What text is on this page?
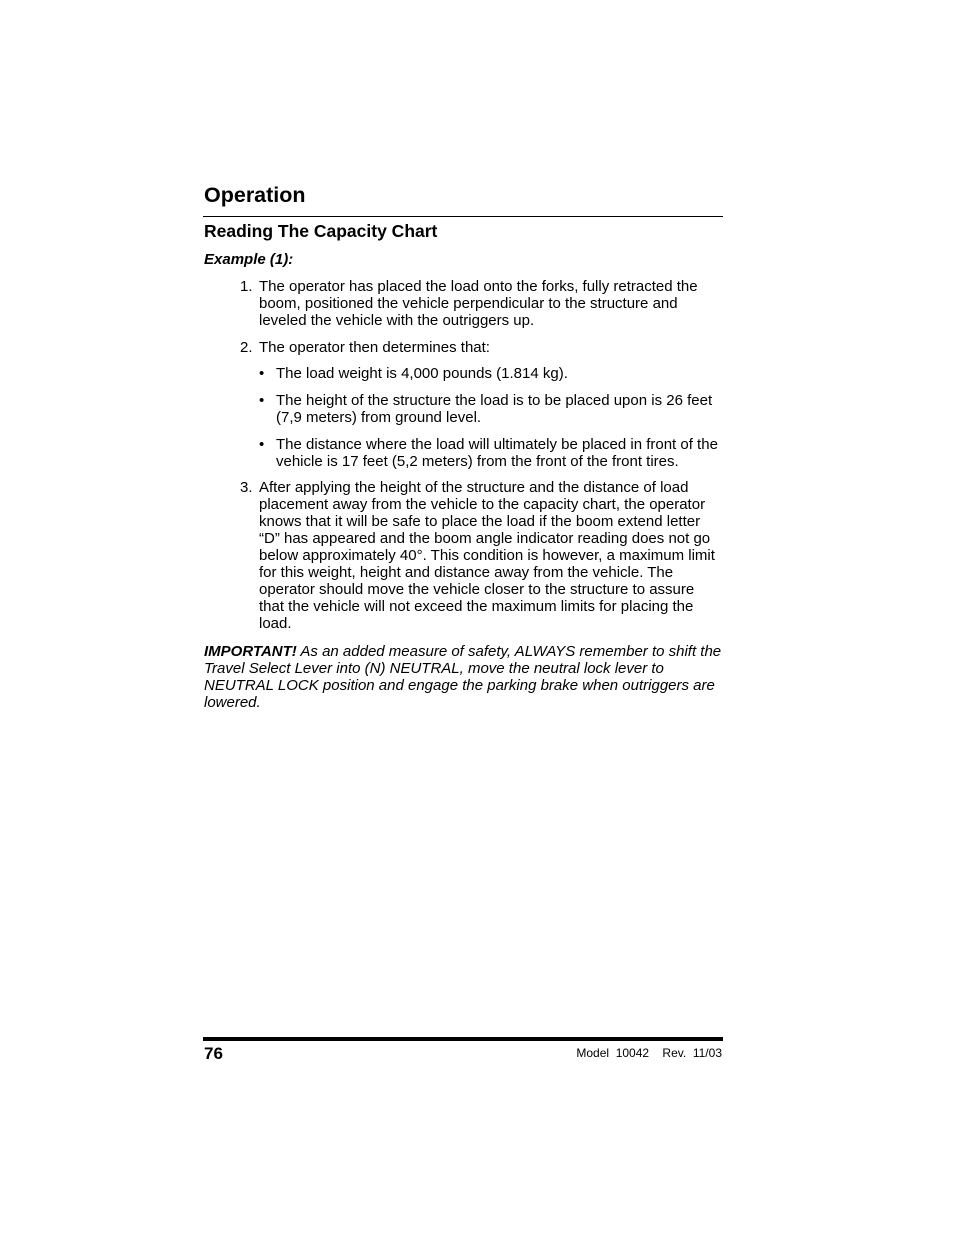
Operation
Reading The Capacity Chart
Example (1):
1. The operator has placed the load onto the forks, fully retracted the boom, positioned the vehicle perpendicular to the structure and leveled the vehicle with the outriggers up.
2. The operator then determines that:
• The load weight is 4,000 pounds (1.814 kg).
• The height of the structure the load is to be placed upon is 26 feet (7,9 meters) from ground level.
• The distance where the load will ultimately be placed in front of the vehicle is 17 feet (5,2 meters) from the front of the front tires.
3. After applying the height of the structure and the distance of load placement away from the vehicle to the capacity chart, the operator knows that it will be safe to place the load if the boom extend letter “D” has appeared and the boom angle indicator reading does not go below approximately 40°. This condition is however, a maximum limit for this weight, height and distance away from the vehicle. The operator should move the vehicle closer to the structure to assure that the vehicle will not exceed the maximum limits for placing the load.
IMPORTANT! As an added measure of safety, ALWAYS remember to shift the Travel Select Lever into (N) NEUTRAL, move the neutral lock lever to NEUTRAL LOCK position and engage the parking brake when outriggers are lowered.
76	Model  10042    Rev.  11/03
